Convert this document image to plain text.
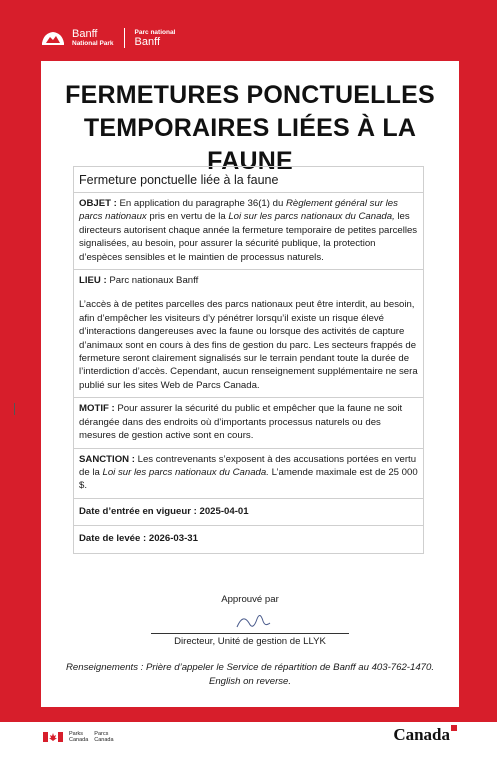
Banff
National Park
Parc national
Banff
FERMETURES PONCTUELLES
TEMPORAIRES LIÉES À LA FAUNE
Fermeture ponctuelle liée à la faune
OBJET : En application du paragraphe 36(1) du Règlement général sur les parcs nationaux pris en vertu de la Loi sur les parcs nationaux du Canada, les directeurs autorisent chaque année la fermeture temporaire de petites parcelles signalisées, au besoin, pour assurer la sécurité publique, la protection d’espèces sensibles et le maintien de processus naturels.

LIEU : Parc nationaux Banff

L’accès à de petites parcelles des parcs nationaux peut être interdit, au besoin, afin d’empêcher les visiteurs d’y pénétrer lorsqu’il existe un risque élevé d’interactions dangereuses avec la faune ou lorsque des activités de capture d’animaux sont en cours à des fins de gestion du parc. Les secteurs frappés de fermeture seront clairement signalisés sur le terrain pendant toute la durée de l’interdiction d’accès. Cependant, aucun renseignement supplémentaire ne sera publié sur les sites Web de Parcs Canada.

MOTIF : Pour assurer la sécurité du public et empêcher que la faune ne soit dérangée dans des endroits où d’importants processus naturels ou des mesures de gestion active sont en cours.
SANCTION : Les contrevenants s’exposent à des accusations portées en vertu de la Loi sur les parcs nationaux du Canada. L’amende maximale est de 25 000 $.
Date d’entrée en vigueur : 2025-04-01
Date de levée : 2026-03-31
Approuvé par
Directeur, Unité de gestion de LLYK
Renseignements : Prière d’appeler le Service de répartition de Banff au 403-762-1470.
English on reverse.
Parks
Canada
Parcs
Canada	Canada
